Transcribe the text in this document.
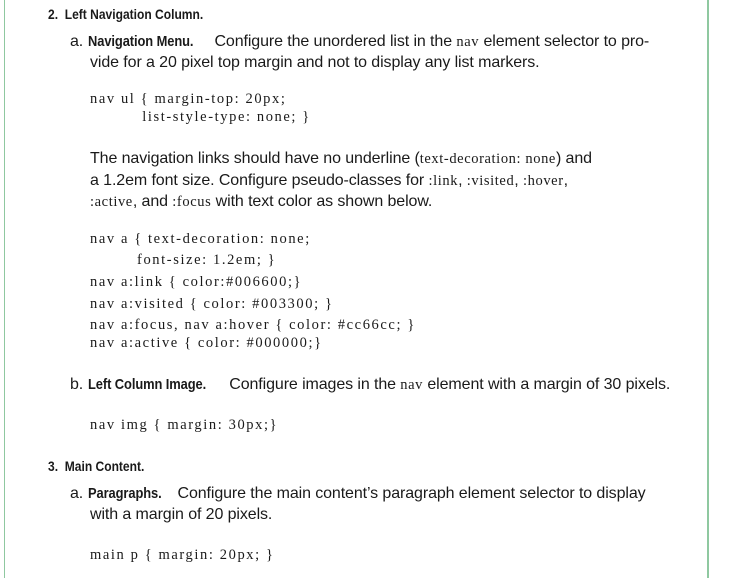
2. Left Navigation Column.
a. Navigation Menu. Configure the unordered list in the nav element selector to pro-
vide for a 20 pixel top margin and not to display any list markers.
nav ul { margin-top: 20px;
list-style-type: none; }
The navigation links should have no underline (text-decoration: none) and
a 1.2em font size. Configure pseudo-classes for :link, :visited, :hover,
:active, and :focus with text color as shown below.
nav a { text-decoration: none;
font-size: 1.2em; }
nav a:link { color:#006600;}
nav a:visited { color: #003300; }
nav a:focus, nav a:hover { color: #cc66cc; }
nav a:active { color: #000000;}
b. Left Column Image. Configure images in the nav element with a margin of 30 pixels.
nav img { margin: 30px;}
3. Main Content.
a. Paragraphs. Configure the main content’s paragraph element selector to display
with a margin of 20 pixels.
main p { margin: 20px; }
